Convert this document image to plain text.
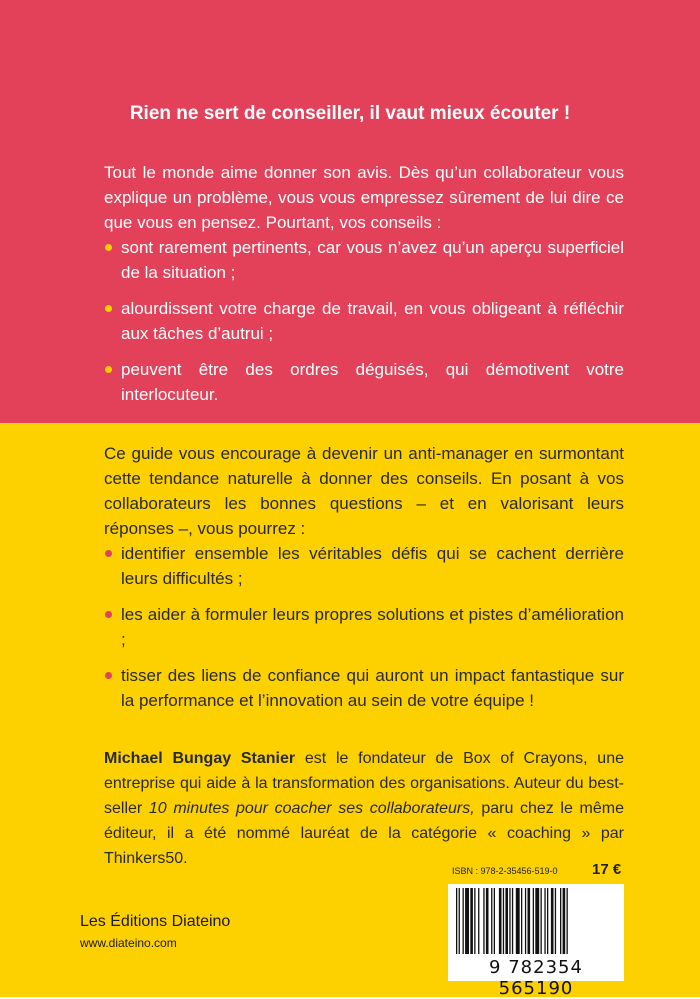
Rien ne sert de conseiller, il vaut mieux écouter !

Tout le monde aime donner son avis. Dès qu’un collaborateur vous explique un problème, vous vous empressez sûrement de lui dire ce que vous en pensez. Pourtant, vos conseils :

sont rarement pertinents, car vous n’avez qu’un aperçu superficiel de la situation ;
alourdissent votre charge de travail, en vous obligeant à réfléchir aux tâches d’autrui ;
peuvent être des ordres déguisés, qui démotivent votre interlocuteur.

Ce guide vous encourage à devenir un anti-manager en surmontant cette tendance naturelle à donner des conseils. En posant à vos collaborateurs les bonnes questions – et en valorisant leurs réponses –, vous pourrez :

identifier ensemble les véritables défis qui se cachent derrière leurs difficultés ;
les aider à formuler leurs propres solutions et pistes d’amélioration ;
tisser des liens de confiance qui auront un impact fantastique sur la performance et l’innovation au sein de votre équipe !

Michael Bungay Stanier est le fondateur de Box of Crayons, une entreprise qui aide à la transformation des organisations. Auteur du best-seller 10 minutes pour coacher ses collaborateurs, paru chez le même éditeur, il a été nommé lauréat de la catégorie « coaching » par Thinkers50.

Les Éditions Diateino
www.diateino.com
ISBN : 978-2-35456-519-0 17 €
9 782354 565190
